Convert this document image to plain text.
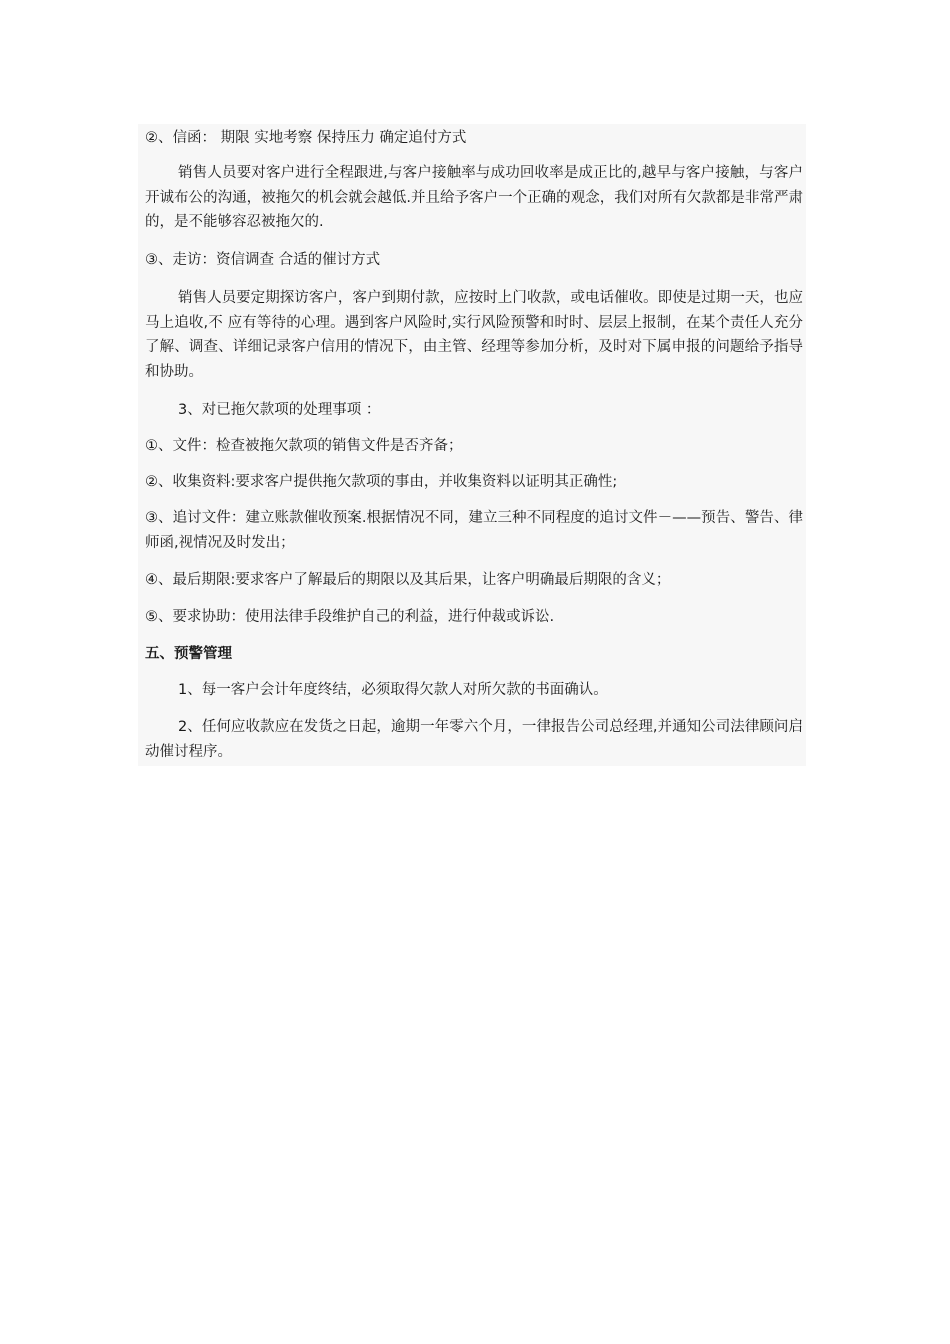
②、信函： 期限 实地考察 保持压力 确定追付方式

销售人员要对客户进行全程跟进,与客户接触率与成功回收率是成正比的,越早与客户接触，与客户开诚布公的沟通，被拖欠的机会就会越低.并且给予客户一个正确的观念，我们对所有欠款都是非常严肃的，是不能够容忍被拖欠的.

③、走访：资信调查 合适的催讨方式

销售人员要定期探访客户，客户到期付款，应按时上门收款，或电话催收。即使是过期一天，也应马上追收,不 应有等待的心理。遇到客户风险时,实行风险预警和时时、层层上报制，在某个责任人充分了解、调查、详细记录客户信用的情况下，由主管、经理等参加分析，及时对下属申报的问题给予指导和协助。

3、对已拖欠款项的处理事项 ：

①、文件：检查被拖欠款项的销售文件是否齐备；

②、收集资料:要求客户提供拖欠款项的事由，并收集资料以证明其正确性;

③、追讨文件：建立账款催收预案.根据情况不同，建立三种不同程度的追讨文件－——预告、警告、律师函,视情况及时发出；

④、最后期限:要求客户了解最后的期限以及其后果，让客户明确最后期限的含义；

⑤、要求协助：使用法律手段维护自己的利益，进行仲裁或诉讼.

五、预警管理

1、每一客户会计年度终结，必须取得欠款人对所欠款的书面确认。

2、任何应收款应在发货之日起，逾期一年零六个月，一律报告公司总经理,并通知公司法律顾问启动催讨程序。
